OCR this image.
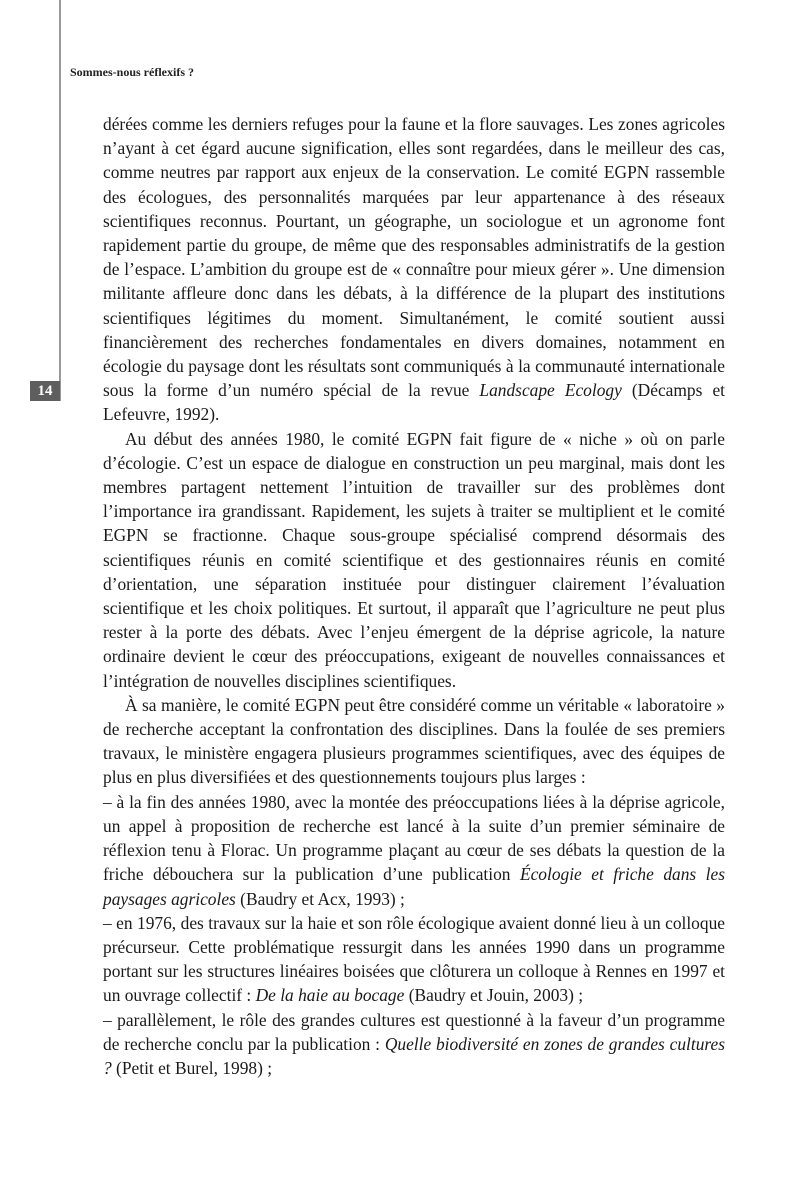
Sommes-nous réflexifs ?
14

dérées comme les derniers refuges pour la faune et la flore sauvages. Les zones agricoles n’ayant à cet égard aucune signification, elles sont regardées, dans le meilleur des cas, comme neutres par rapport aux enjeux de la conservation. Le comité EGPN rassemble des écologues, des personnalités marquées par leur appartenance à des réseaux scientifiques reconnus. Pourtant, un géographe, un sociologue et un agronome font rapidement partie du groupe, de même que des responsables administratifs de la gestion de l’espace. L’ambition du groupe est de « connaître pour mieux gérer ». Une dimension militante affleure donc dans les débats, à la différence de la plupart des institutions scientifiques légitimes du moment. Simultanément, le comité soutient aussi financièrement des recherches fondamentales en divers domaines, notamment en écologie du paysage dont les résultats sont communiqués à la communauté internationale sous la forme d’un numéro spécial de la revue Landscape Ecology (Décamps et Lefeuvre, 1992).

Au début des années 1980, le comité EGPN fait figure de « niche » où on parle d’écologie. C’est un espace de dialogue en construction un peu marginal, mais dont les membres partagent nettement l’intuition de travailler sur des problèmes dont l’importance ira grandissant. Rapidement, les sujets à traiter se multiplient et le comité EGPN se fractionne. Chaque sous-groupe spécialisé comprend désormais des scientifiques réunis en comité scientifique et des gestionnaires réunis en comité d’orientation, une séparation instituée pour distinguer clairement l’évaluation scientifique et les choix politiques. Et surtout, il apparaît que l’agriculture ne peut plus rester à la porte des débats. Avec l’enjeu émergent de la déprise agricole, la nature ordinaire devient le cœur des préoccupations, exigeant de nouvelles connaissances et l’intégration de nouvelles disciplines scientifiques.

À sa manière, le comité EGPN peut être considéré comme un véritable « laboratoire » de recherche acceptant la confrontation des disciplines. Dans la foulée de ses premiers travaux, le ministère engagera plusieurs programmes scientifiques, avec des équipes de plus en plus diversifiées et des questionnements toujours plus larges :

– à la fin des années 1980, avec la montée des préoccupations liées à la déprise agricole, un appel à proposition de recherche est lancé à la suite d’un premier séminaire de réflexion tenu à Florac. Un programme plaçant au cœur de ses débats la question de la friche débouchera sur la publication d’une publication Écologie et friche dans les paysages agricoles (Baudry et Acx, 1993) ;

– en 1976, des travaux sur la haie et son rôle écologique avaient donné lieu à un colloque précurseur. Cette problématique ressurgit dans les années 1990 dans un programme portant sur les structures linéaires boisées que clôturera un colloque à Rennes en 1997 et un ouvrage collectif : De la haie au bocage (Baudry et Jouin, 2003) ;

– parallèlement, le rôle des grandes cultures est questionné à la faveur d’un programme de recherche conclu par la publication : Quelle biodiversité en zones de grandes cultures ? (Petit et Burel, 1998) ;
